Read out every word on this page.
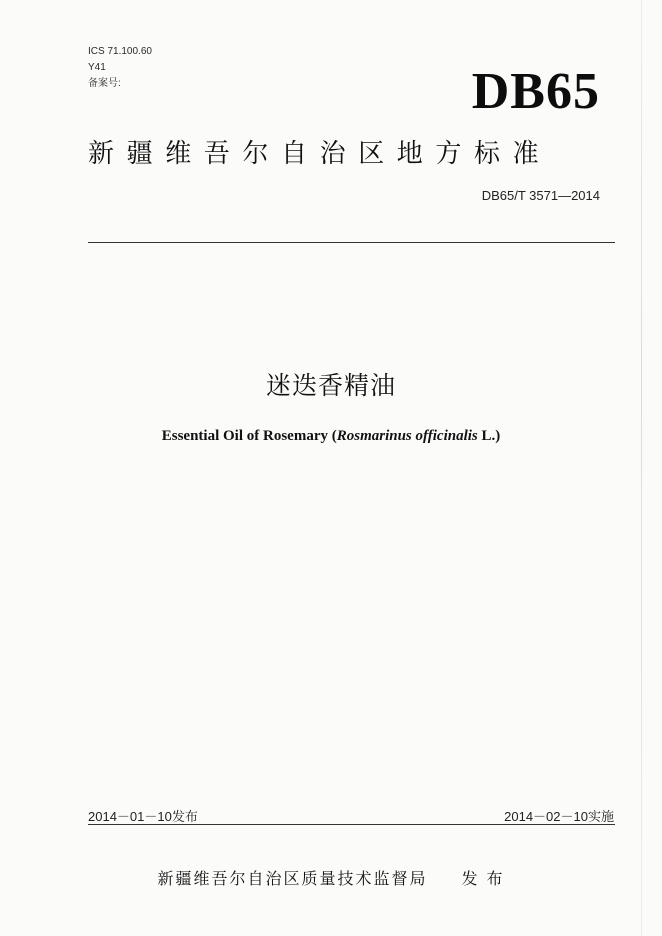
ICS 71.100.60
Y41
备案号:	DB65
新疆维吾尔自治区地方标准
DB65/T 3571—2014
迷迭香精油
Essential Oil of Rosemary (Rosmarinus officinalis L.)
2014－01－10发布	2014－02－10实施
新疆维吾尔自治区质量技术监督局 发 布
